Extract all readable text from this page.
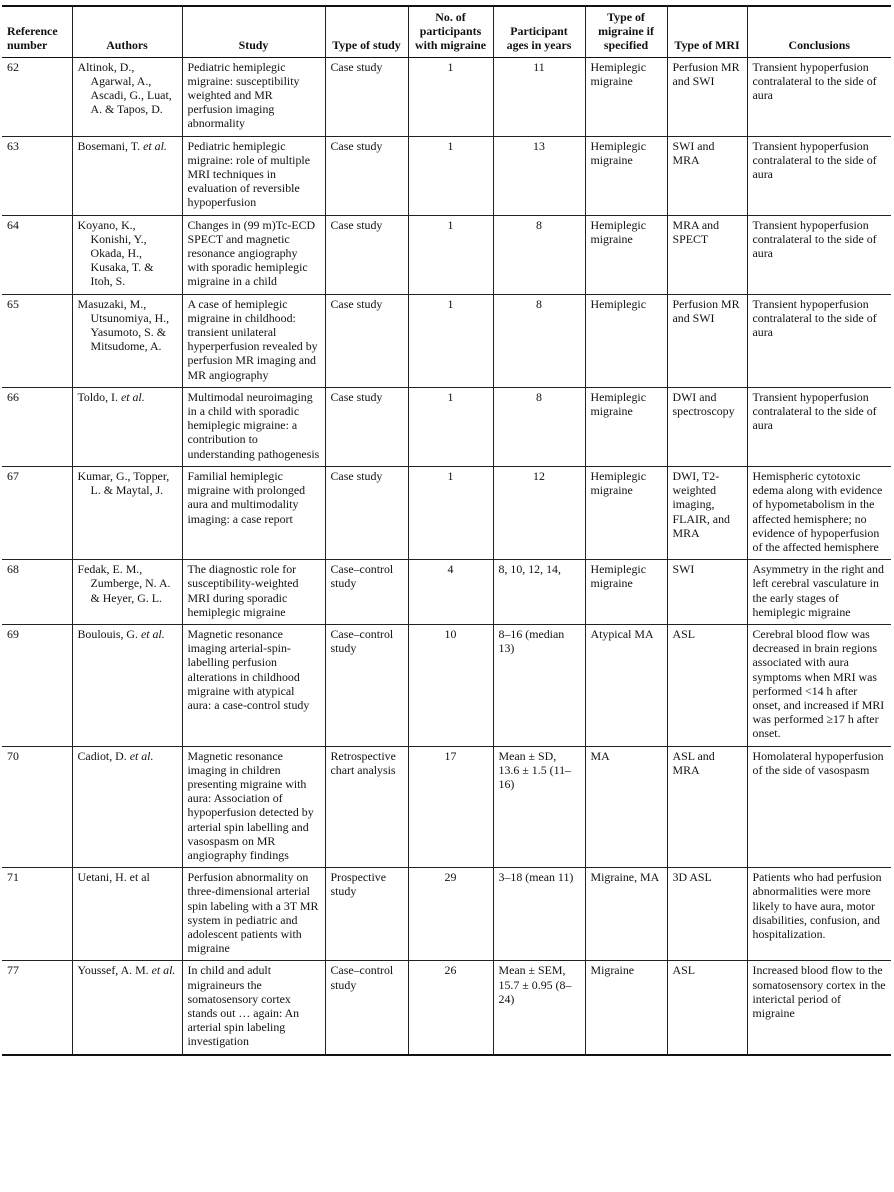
Reference number	Authors	Study	Type of study	No. of participants with migraine	Participant ages in years	Type of migraine if specified	Type of MRI	Conclusions
62	Altinok, D., Agarwal, A., Ascadi, G., Luat, A. & Tapos, D.	Pediatric hemiplegic migraine: susceptibility weighted and MR perfusion imaging abnormality	Case study	1	11	Hemiplegic migraine	Perfusion MR and SWI	Transient hypoperfusion contralateral to the side of aura
63	Bosemani, T. et al.	Pediatric hemiplegic migraine: role of multiple MRI techniques in evaluation of reversible hypoperfusion	Case study	1	13	Hemiplegic migraine	SWI and MRA	Transient hypoperfusion contralateral to the side of aura
64	Koyano, K., Konishi, Y., Okada, H., Kusaka, T. & Itoh, S.	Changes in (99 m)Tc-ECD SPECT and magnetic resonance angiography with sporadic hemiplegic migraine in a child	Case study	1	8	Hemiplegic migraine	MRA and SPECT	Transient hypoperfusion contralateral to the side of aura
65	Masuzaki, M., Utsunomiya, H., Yasumoto, S. & Mitsudome, A.	A case of hemiplegic migraine in childhood: transient unilateral hyperperfusion revealed by perfusion MR imaging and MR angiography	Case study	1	8	Hemiplegic	Perfusion MR and SWI	Transient hypoperfusion contralateral to the side of aura
66	Toldo, I. et al.	Multimodal neuroimaging in a child with sporadic hemiplegic migraine: a contribution to understanding pathogenesis	Case study	1	8	Hemiplegic migraine	DWI and spectroscopy	Transient hypoperfusion contralateral to the side of aura
67	Kumar, G., Topper, L. & Maytal, J.	Familial hemiplegic migraine with prolonged aura and multimodality imaging: a case report	Case study	1	12	Hemiplegic migraine	DWI, T2-weighted imaging, FLAIR, and MRA	Hemispheric cytotoxic edema along with evidence of hypometabolism in the affected hemisphere; no evidence of hypoperfusion of the affected hemisphere
68	Fedak, E. M., Zumberge, N. A. & Heyer, G. L.	The diagnostic role for susceptibility-weighted MRI during sporadic hemiplegic migraine	Case–control study	4	8, 10, 12, 14,	Hemiplegic migraine	SWI	Asymmetry in the right and left cerebral vasculature in the early stages of hemiplegic migraine
69	Boulouis, G. et al.	Magnetic resonance imaging arterial-spin-labelling perfusion alterations in childhood migraine with atypical aura: a case-control study	Case–control study	10	8–16 (median 13)	Atypical MA	ASL	Cerebral blood flow was decreased in brain regions associated with aura symptoms when MRI was performed <14 h after onset, and increased if MRI was performed ≥17 h after onset.
70	Cadiot, D. et al.	Magnetic resonance imaging in children presenting migraine with aura: Association of hypoperfusion detected by arterial spin labelling and vasospasm on MR angiography findings	Retrospective chart analysis	17	Mean ± SD, 13.6 ± 1.5 (11–16)	MA	ASL and MRA	Homolateral hypoperfusion of the side of vasospasm
71	Uetani, H. et al	Perfusion abnormality on three-dimensional arterial spin labeling with a 3T MR system in pediatric and adolescent patients with migraine	Prospective study	29	3–18 (mean 11)	Migraine, MA	3D ASL	Patients who had perfusion abnormalities were more likely to have aura, motor disabilities, confusion, and hospitalization.
77	Youssef, A. M. et al.	In child and adult migraineurs the somatosensory cortex stands out … again: An arterial spin labeling investigation	Case–control study	26	Mean ± SEM, 15.7 ± 0.95 (8–24)	Migraine	ASL	Increased blood flow to the somatosensory cortex in the interictal period of migraine
